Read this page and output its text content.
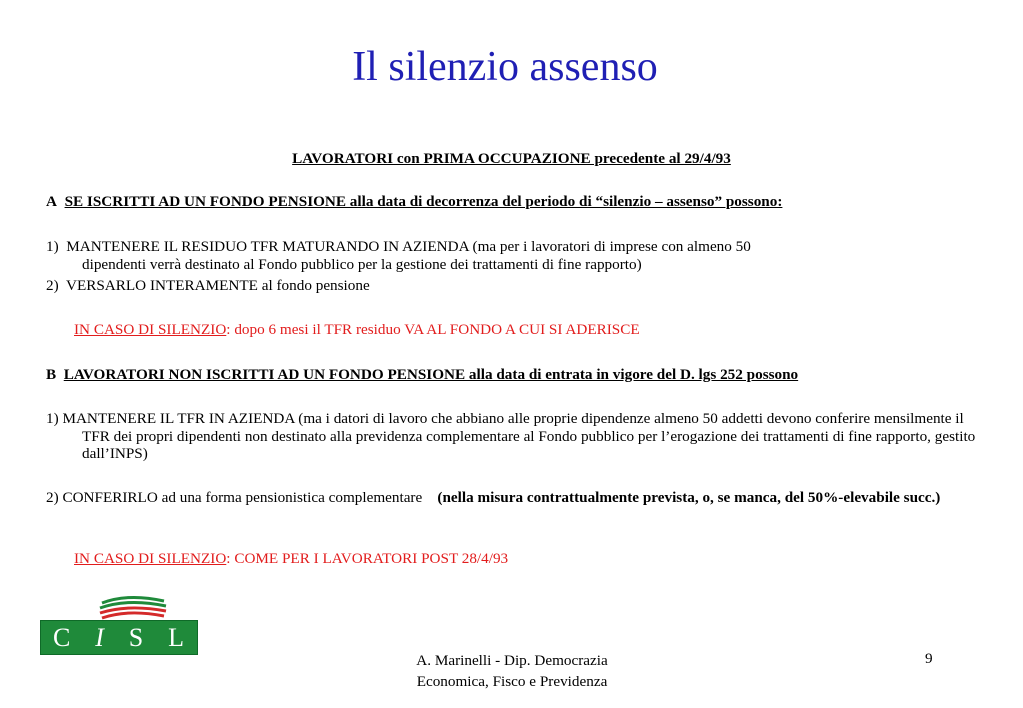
Il silenzio assenso
LAVORATORI con PRIMA OCCUPAZIONE precedente al 29/4/93
A SE ISCRITTI AD UN FONDO PENSIONE alla data di decorrenza del periodo di “silenzio – assenso” possono:

1) MANTENERE IL RESIDUO TFR MATURANDO IN AZIENDA (ma per i lavoratori di imprese con almeno 50
dipendenti verrà destinato al Fondo pubblico per la gestione dei trattamenti di fine rapporto)

2) VERSARLO INTERAMENTE al fondo pensione
IN CASO DI SILENZIO: dopo 6 mesi il TFR residuo VA AL FONDO A CUI SI ADERISCE
B LAVORATORI NON ISCRITTI AD UN FONDO PENSIONE alla data di entrata in vigore del D. lgs 252 possono

1) MANTENERE IL TFR IN AZIENDA (ma i datori di lavoro che abbiano alle proprie dipendenze almeno 50 addetti devono conferire mensilmente il TFR dei propri dipendenti non destinato alla previdenza complementare al Fondo pubblico per l’erogazione dei trattamenti di fine rapporto, gestito dall’INPS)

2) CONFERIRLO ad una forma pensionistica complementare (nella misura contrattualmente prevista, o, se manca, del 50%-elevabile succ.)

IN CASO DI SILENZIO: COME PER I LAVORATORI POST 28/4/93
C I S L
A. Marinelli - Dip. Democrazia
Economica, Fisco e Previdenza
9
